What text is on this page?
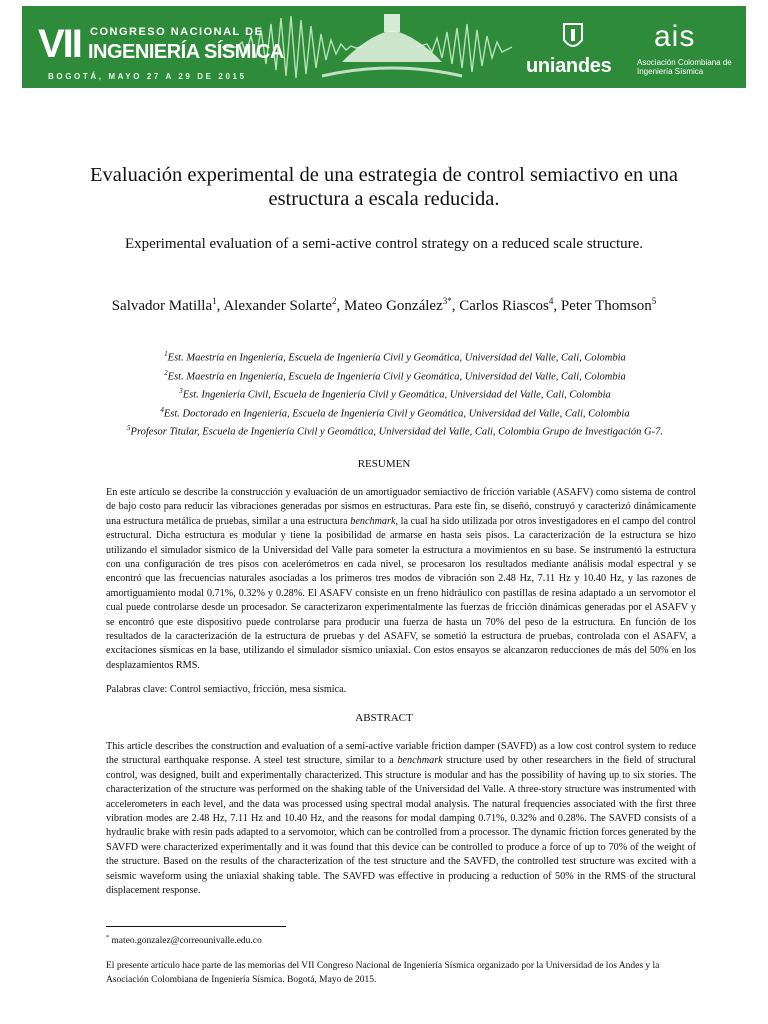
VII CONGRESO NACIONAL DE
INGENIERÍA SÍSMICA
BOGOTÁ, MAYO 27 A 29 DE 2015	uniandes
ais
Asociación Colombiana de Ingeniería Sísmica
Evaluación experimental de una estrategia de control semiactivo en una estructura a escala reducida.
Experimental evaluation of a semi-active control strategy on a reduced scale structure.
Salvador Matilla$^1$, Alexander Solarte$^2$, Mateo González$^{3*}$, Carlos Riascos$^4$, Peter Thomson$^5$
$^1$Est. Maestría en Ingeniería, Escuela de Ingeniería Civil y Geomática, Universidad del Valle, Cali, Colombia
$^2$Est. Maestría en Ingeniería, Escuela de Ingeniería Civil y Geomática, Universidad del Valle, Cali, Colombia
$^3$Est. Ingeniería Civil, Escuela de Ingeniería Civil y Geomática, Universidad del Valle, Cali, Colombia
$^4$Est. Doctorado en Ingeniería, Escuela de Ingeniería Civil y Geomática, Universidad del Valle, Cali, Colombia
$^5$Profesor Titular, Escuela de Ingeniería Civil y Geomática, Universidad del Valle, Cali, Colombia Grupo de Investigación G-7.
RESUMEN
En este artículo se describe la construcción y evaluación de un amortiguador semiactivo de fricción variable (ASAFV) como sistema de control de bajo costo para reducir las vibraciones generadas por sismos en estructuras. Para este fin, se diseñó, construyó y caracterizó dinámicamente una estructura metálica de pruebas, similar a una estructura benchmark, la cual ha sido utilizada por otros investigadores en el campo del control estructural. Dicha estructura es modular y tiene la posibilidad de armarse en hasta seis pisos. La caracterización de la estructura se hizo utilizando el simulador sísmico de la Universidad del Valle para someter la estructura a movimientos en su base. Se instrumentó la estructura con una configuración de tres pisos con acelerómetros en cada nivel, se procesaron los resultados mediante análisis modal espectral y se encontró que las frecuencias naturales asociadas a los primeros tres modos de vibración son 2.48 Hz, 7.11 Hz y 10.40 Hz, y las razones de amortiguamiento modal 0.71%, 0.32% y 0.28%. El ASAFV consiste en un freno hidráulico con pastillas de resina adaptado a un servomotor el cual puede controlarse desde un procesador. Se caracterizaron experimentalmente las fuerzas de fricción dinámicas generadas por el ASAFV y se encontró que este dispositivo puede controlarse para producir una fuerza de hasta un 70% del peso de la estructura. En función de los resultados de la caracterización de la estructura de pruebas y del ASAFV, se sometió la estructura de pruebas, controlada con el ASAFV, a excitaciones sísmicas en la base, utilizando el simulador sísmico uniaxial. Con estos ensayos se alcanzaron reducciones de más del 50% en los desplazamientos RMS.
Palabras clave: Control semiactivo, fricción, mesa sísmica.
ABSTRACT
This article describes the construction and evaluation of a semi-active variable friction damper (SAVFD) as a low cost control system to reduce the structural earthquake response. A steel test structure, similar to a benchmark structure used by other researchers in the field of structural control, was designed, built and experimentally characterized. This structure is modular and has the possibility of having up to six stories. The characterization of the structure was performed on the shaking table of the Universidad del Valle. A three-story structure was instrumented with accelerometers in each level, and the data was processed using spectral modal analysis. The natural frequencies associated with the first three vibration modes are 2.48 Hz, 7.11 Hz and 10.40 Hz, and the reasons for modal damping 0.71%, 0.32% and 0.28%. The SAVFD consists of a hydraulic brake with resin pads adapted to a servomotor, which can be controlled from a processor. The dynamic friction forces generated by the SAVFD were characterized experimentally and it was found that this device can be controlled to produce a force of up to 70% of the weight of the structure. Based on the results of the characterization of the test structure and the SAVFD, the controlled test structure was excited with a seismic waveform using the uniaxial shaking table. The SAVFD was effective in producing a reduction of 50% in the RMS of the structural displacement response.
* mateo.gonzalez@correounivalle.edu.co
El presente artículo hace parte de las memorias del VII Congreso Nacional de Ingeniería Sísmica organizado por la Universidad de los Andes y la Asociación Colombiana de Ingeniería Sísmica. Bogotá, Mayo de 2015.
